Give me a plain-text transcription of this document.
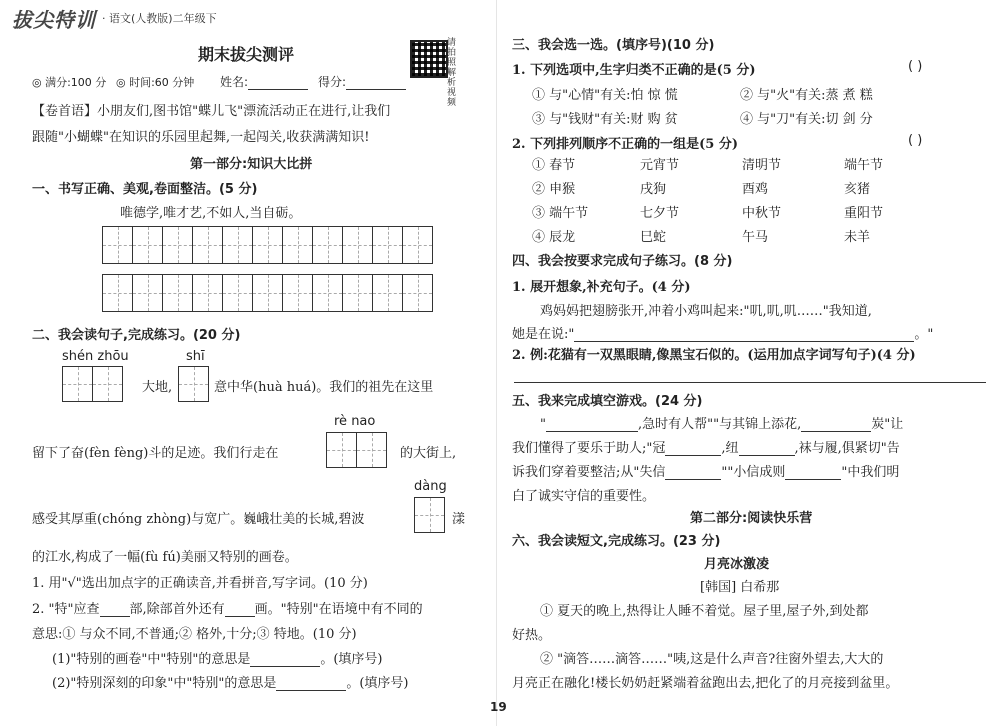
拔尖特训 · 语文(人教版)二年级下
期末拔尖测评
请拍照解析视频
◎ 满分:100 分 ◎ 时间:60 分钟 姓名:	得分:
【卷首语】小朋友们,图书馆"蝶儿飞"漂流活动正在进行,让我们
跟随"小蝴蝶"在知识的乐园里起舞,一起闯关,收获满满知识!
第一部分:知识大比拼
一、书写正确、美观,卷面整洁。(5 分)
唯德学,唯才艺,不如人,当自砺。
二、我会读句子,完成练习。(20 分)
shén zhōu	shī
大地,	意中华(huà huá)。我们的祖先在这里
rè nao
留下了奋(fèn fèng)斗的足迹。我们行走在	的大街上,
dàng
感受其厚重(chóng zhòng)与宽广。巍峨壮美的长城,碧波	漾
的江水,构成了一幅(fù fú)美丽又特别的画卷。
1. 用"√"选出加点字的正确读音,并看拼音,写字词。(10 分)
2. "特"应查 部,除部首外还有 画。"特别"在语境中有不同的
意思:① 与众不同,不普通;② 格外,十分;③ 特地。(10 分)
(1)"特别的画卷"中"特别"的意思是	。(填序号)
(2)"特别深刻的印象"中"特别"的意思是	。(填序号)
三、我会选一选。(填序号)(10 分)
1. 下列选项中,生字归类不正确的是(5 分)	( )
① 与"心情"有关:怕 惊 慌	② 与"火"有关:蒸 煮 糕
③ 与"钱财"有关:财 购 贫	④ 与"刀"有关:切 剑 分
2. 下列排列顺序不正确的一组是(5 分)	( )
① 春节	元宵节	清明节	端午节
② 申猴	戌狗	酉鸡	亥猪
③ 端午节	七夕节	中秋节	重阳节
④ 辰龙	巳蛇	午马	未羊
四、我会按要求完成句子练习。(8 分)
1. 展开想象,补充句子。(4 分)
鸡妈妈把翅膀张开,冲着小鸡叫起来:"叽,叽,叽……"我知道,
她是在说:"	。"
2. 例:花猫有一双黑眼睛,像黑宝石似的。(运用加点字词写句子)(4 分)
五、我来完成填空游戏。(24 分)
"	,急时有人帮""与其锦上添花,	炭"让
我们懂得了要乐于助人;"冠	,纽	,袜与履,俱紧切"告
诉我们穿着要整洁;从"失信	""小信成则	"中我们明
白了诚实守信的重要性。
第二部分:阅读快乐营
六、我会读短文,完成练习。(23 分)
月亮冰激凌
[韩国] 白希那
① 夏天的晚上,热得让人睡不着觉。屋子里,屋子外,到处都
好热。
② "滴答……滴答……"咦,这是什么声音?往窗外望去,大大的
月亮正在融化!楼长奶奶赶紧端着盆跑出去,把化了的月亮接到盆里。
19
